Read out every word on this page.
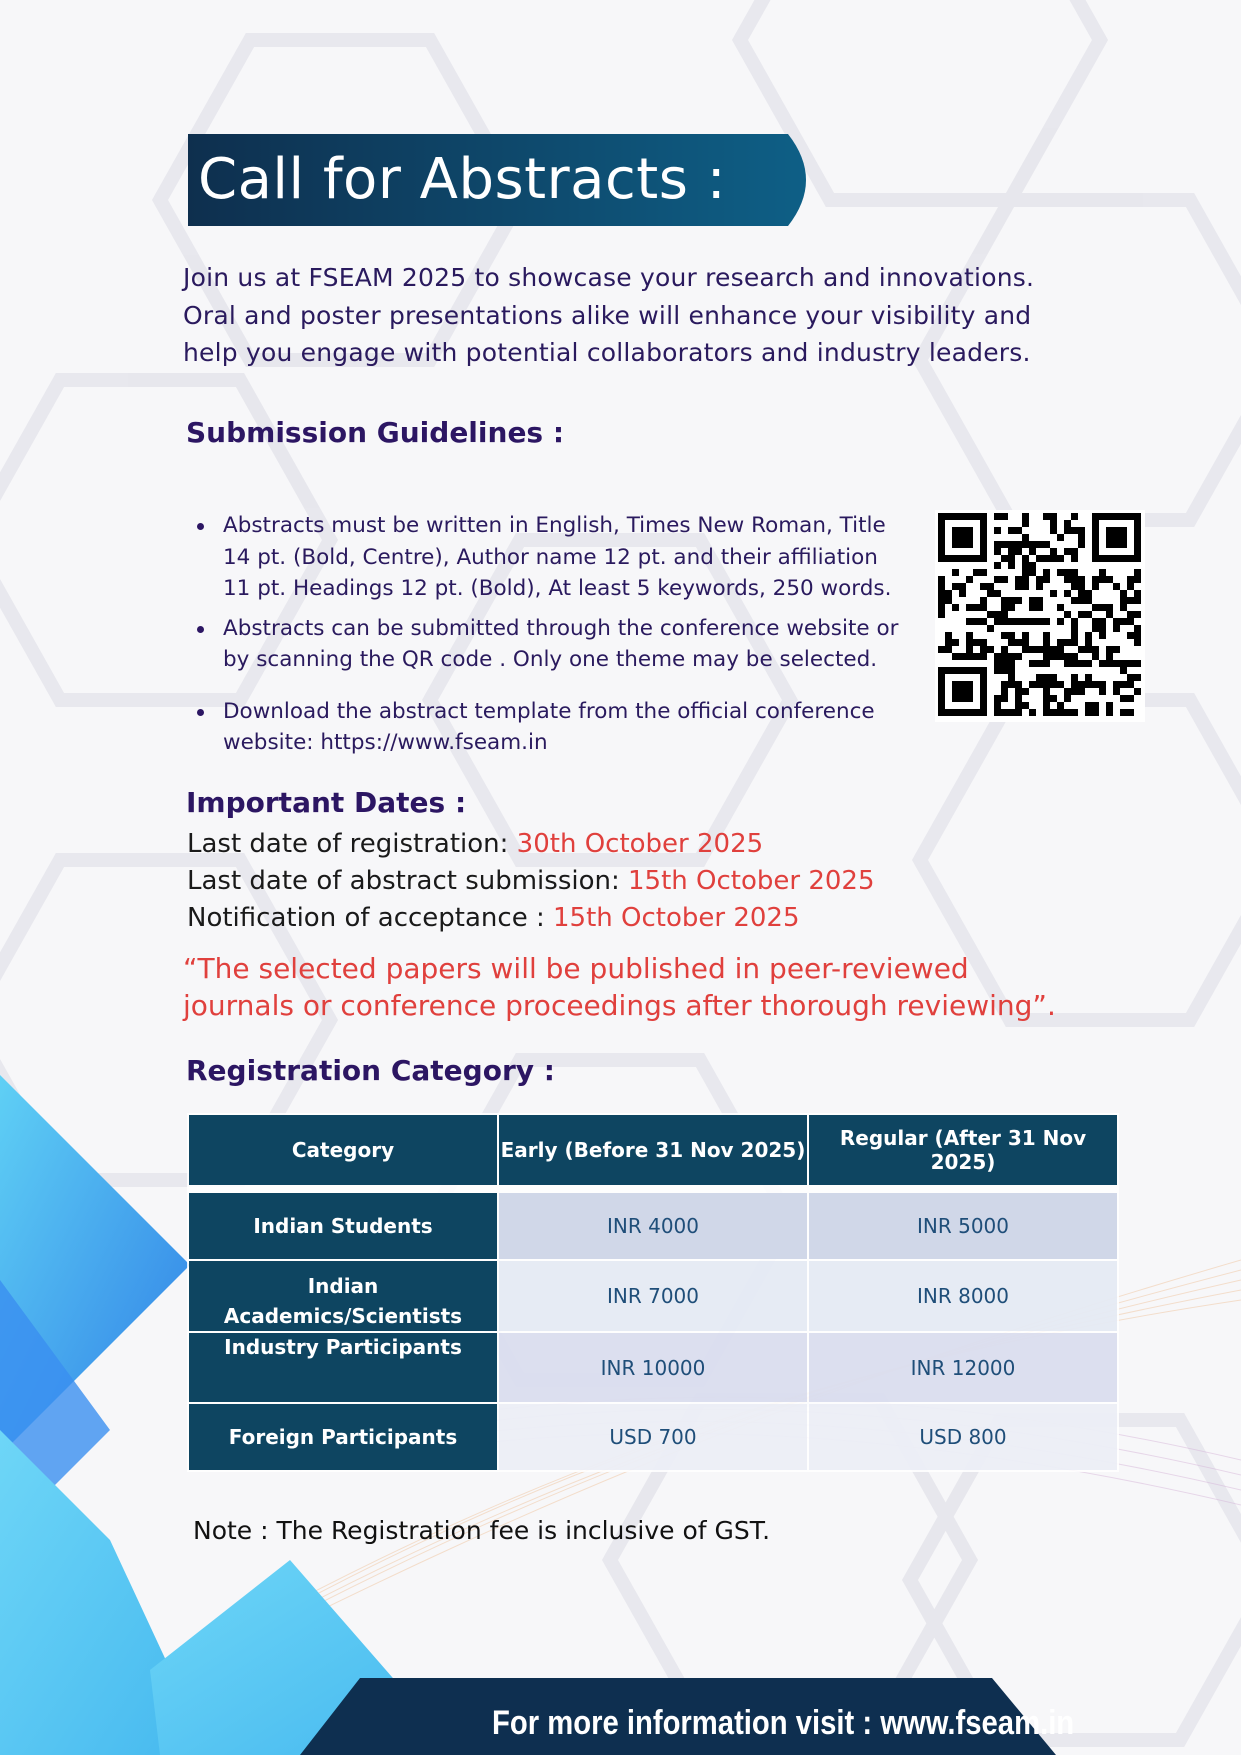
Call for Abstracts :
Join us at FSEAM 2025 to showcase your research and innovations. Oral and poster presentations alike will enhance your visibility and help you engage with potential collaborators and industry leaders.
Submission Guidelines :
Abstracts must be written in English, Times New Roman, Title 14 pt. (Bold, Centre), Author name 12 pt. and their affiliation 11 pt. Headings 12 pt. (Bold), At least 5 keywords, 250 words.
Abstracts can be submitted through the conference website or by scanning the QR code . Only one theme may be selected.
Download the abstract template from the official conference website: https://www.fseam.in
Important Dates :
Last date of registration: 30th October 2025
Last date of abstract submission: 15th October 2025
Notification of acceptance : 15th October 2025
“The selected papers will be published in peer-reviewed journals or conference proceedings after thorough reviewing”.
Registration Category :
Category	Early (Before 31 Nov 2025)	Regular (After 31 Nov 2025)

Indian Students	INR 4000	INR 5000

Indian
Academics/Scientists	INR 7000	INR 8000
Industry Participants	INR 10000	INR 12000
Foreign Participants	USD 700	USD 800
Note : The Registration fee is inclusive of GST.
For more information visit : www.fseam.in
